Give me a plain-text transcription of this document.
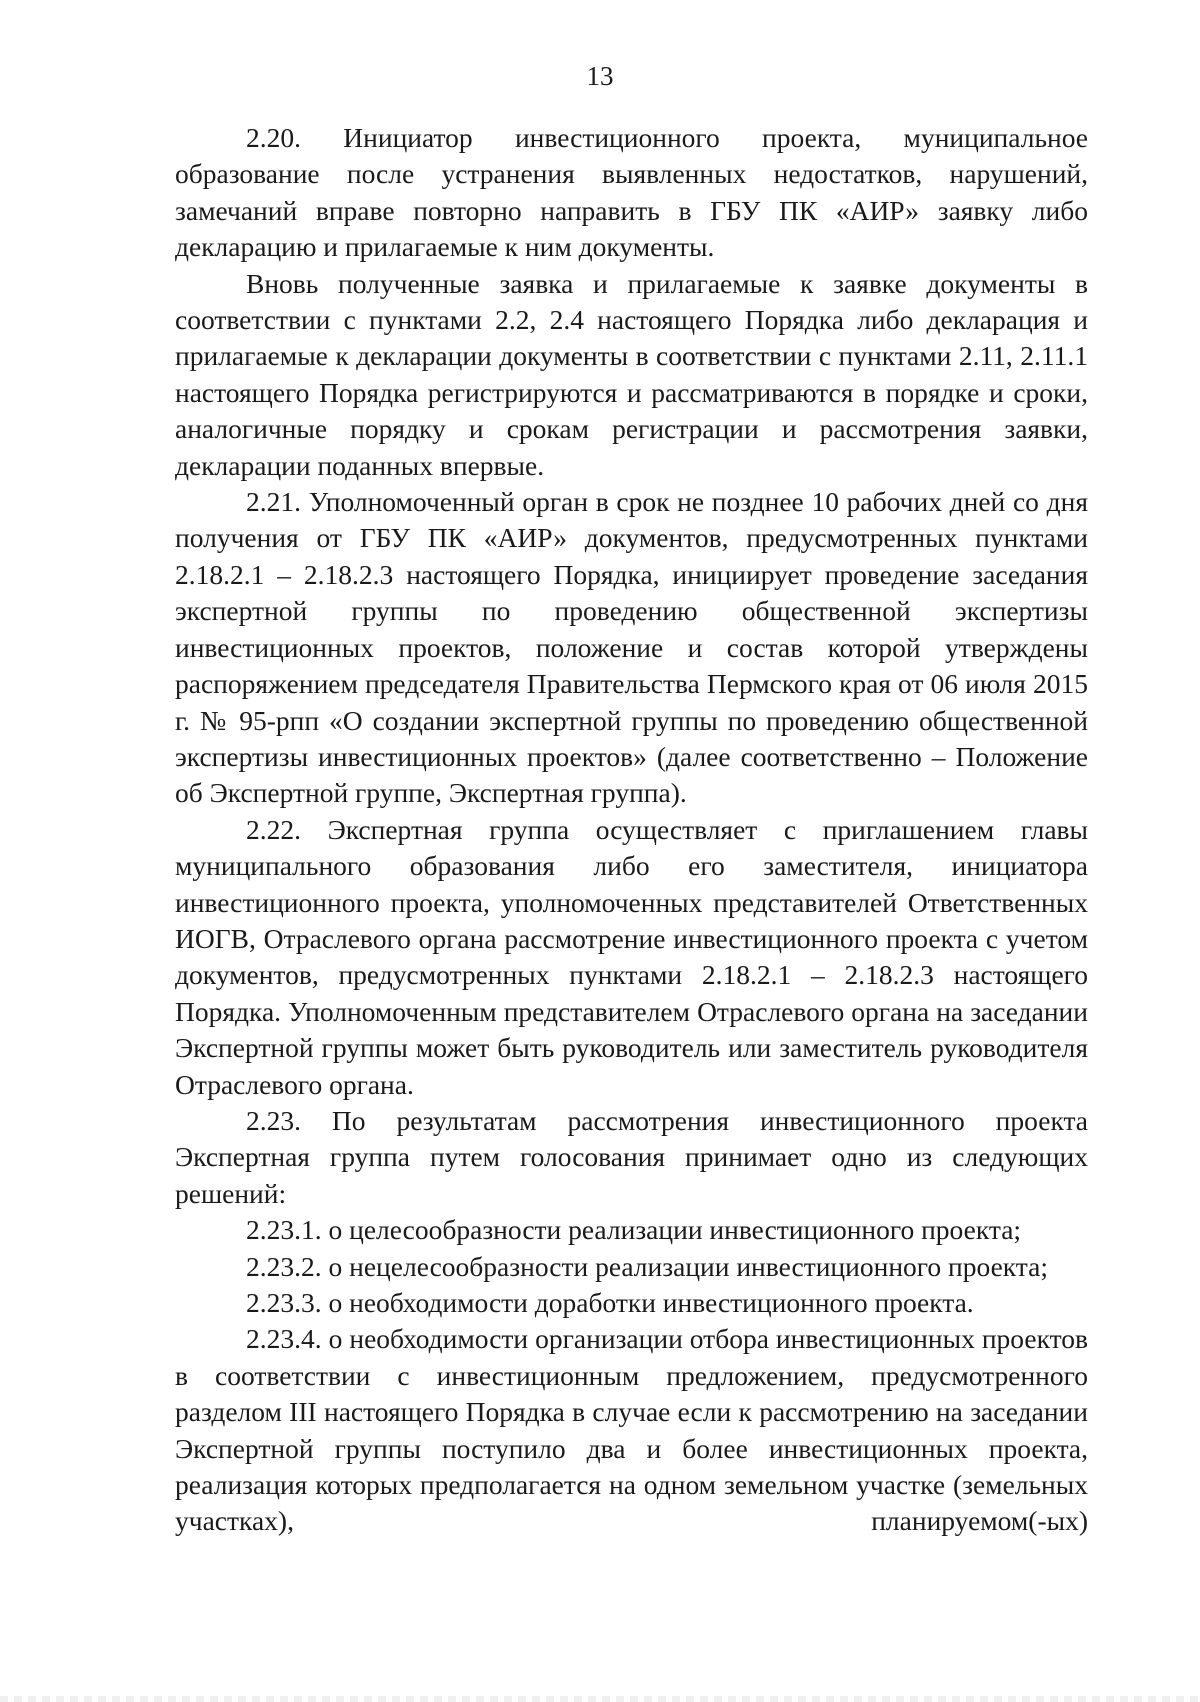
13

2.20. Инициатор инвестиционного проекта, муниципальное образование после устранения выявленных недостатков, нарушений, замечаний вправе повторно направить в ГБУ ПК «АИР» заявку либо декларацию и прилагаемые к ним документы.

Вновь полученные заявка и прилагаемые к заявке документы в соответствии с пунктами 2.2, 2.4 настоящего Порядка либо декларация и прилагаемые к декларации документы в соответствии с пунктами 2.11, 2.11.1 настоящего Порядка регистрируются и рассматриваются в порядке и сроки, аналогичные порядку и срокам регистрации и рассмотрения заявки, декларации поданных впервые.

2.21. Уполномоченный орган в срок не позднее 10 рабочих дней со дня получения от ГБУ ПК «АИР» документов, предусмотренных пунктами 2.18.2.1 – 2.18.2.3 настоящего Порядка, инициирует проведение заседания экспертной группы по проведению общественной экспертизы инвестиционных проектов, положение и состав которой утверждены распоряжением председателя Правительства Пермского края от 06 июля 2015 г. № 95-рпп «О создании экспертной группы по проведению общественной экспертизы инвестиционных проектов» (далее соответственно – Положение об Экспертной группе, Экспертная группа).

2.22. Экспертная группа осуществляет с приглашением главы муниципального образования либо его заместителя, инициатора инвестиционного проекта, уполномоченных представителей Ответственных ИОГВ, Отраслевого органа рассмотрение инвестиционного проекта с учетом документов, предусмотренных пунктами 2.18.2.1 – 2.18.2.3 настоящего Порядка. Уполномоченным представителем Отраслевого органа на заседании Экспертной группы может быть руководитель или заместитель руководителя Отраслевого органа.

2.23. По результатам рассмотрения инвестиционного проекта Экспертная группа путем голосования принимает одно из следующих решений:

2.23.1. о целесообразности реализации инвестиционного проекта;

2.23.2. о нецелесообразности реализации инвестиционного проекта;

2.23.3. о необходимости доработки инвестиционного проекта.

2.23.4. о необходимости организации отбора инвестиционных проектов в соответствии с инвестиционным предложением, предусмотренного разделом III настоящего Порядка в случае если к рассмотрению на заседании Экспертной группы поступило два и более инвестиционных проекта, реализация которых предполагается на одном земельном участке (земельных участках), планируемом(-ых)
